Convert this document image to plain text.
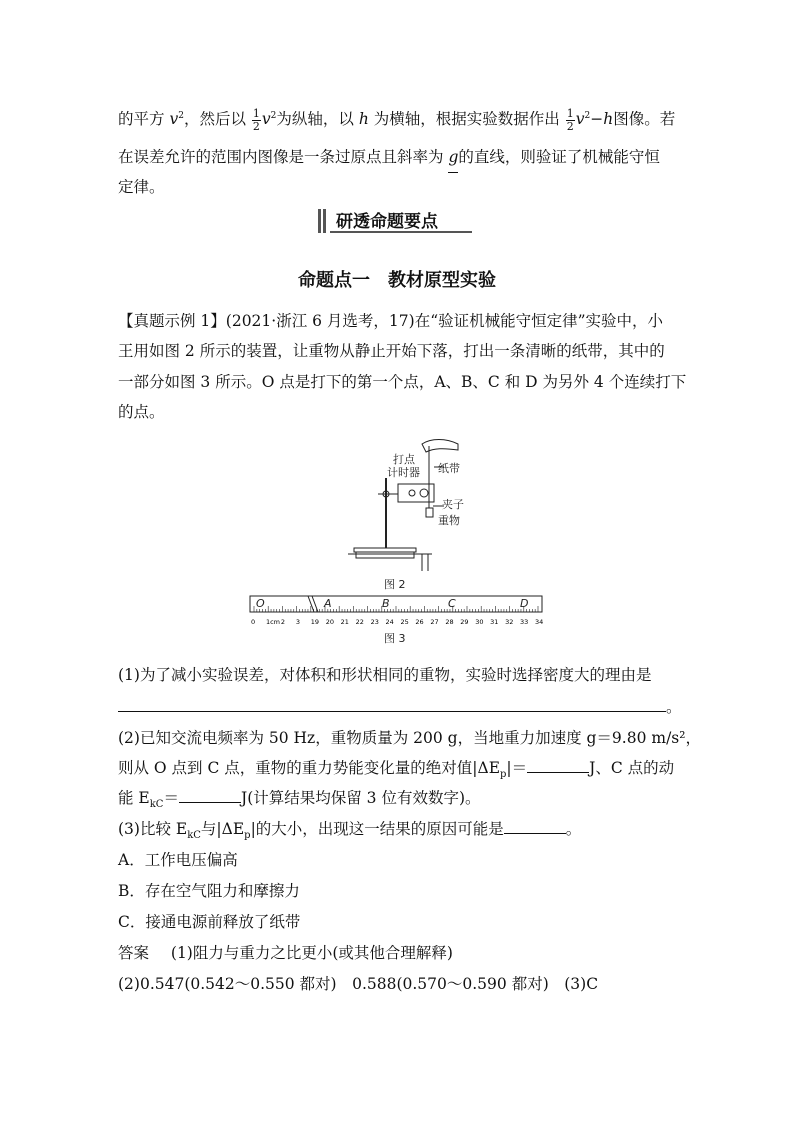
的平方 $v^2$，然后以 $\frac{1}{2} v^2$为纵轴，以 h 为横轴，根据实验数据作出 $\frac{1}{2} v^2-h$图像。若
在误差允许的范围内图像是一条过原点且斜率为 g的直线，则验证了机械能守恒
定律。
研透命题要点
命题点一　教材原型实验
【真题示例 1】(2021·浙江 6 月选考，17)在“验证机械能守恒定律”实验中，小
王用如图 2 所示的装置，让重物从静止开始下落，打出一条清晰的纸带，其中的
一部分如图 3 所示。O 点是打下的第一个点，A、B、C 和 D 为另外 4 个连续打下
的点。
打点
计时器 纸带
夹子
重物
图 2
0 1cm 2 3 19 20 21 22 23 24 25 26 27 28 29 30 31 32 33 34
O	A	B	C	D
图 3
(1)为了减小实验误差，对体积和形状相同的重物，实验时选择密度大的理由是
。
(2)已知交流电频率为 50 Hz，重物质量为 200 g，当地重力加速度 g＝9.80 m/s²，
则从 O 点到 C 点，重物的重力势能变化量的绝对值$|\Delta E_p|=$	J、C 点的动
能 $E_{kC}=$	J(计算结果均保留 3 位有效数字)。
(3)比较 $E_{kC}$与$|\Delta E_p|$的大小，出现这一结果的原因可能是	。
A．工作电压偏高
B．存在空气阻力和摩擦力
C．接通电源前释放了纸带
答案 (1)阻力与重力之比更小(或其他合理解释)
(2)0.547(0.542～0.550 都对)　0.588(0.570～0.590 都对)　(3)C
